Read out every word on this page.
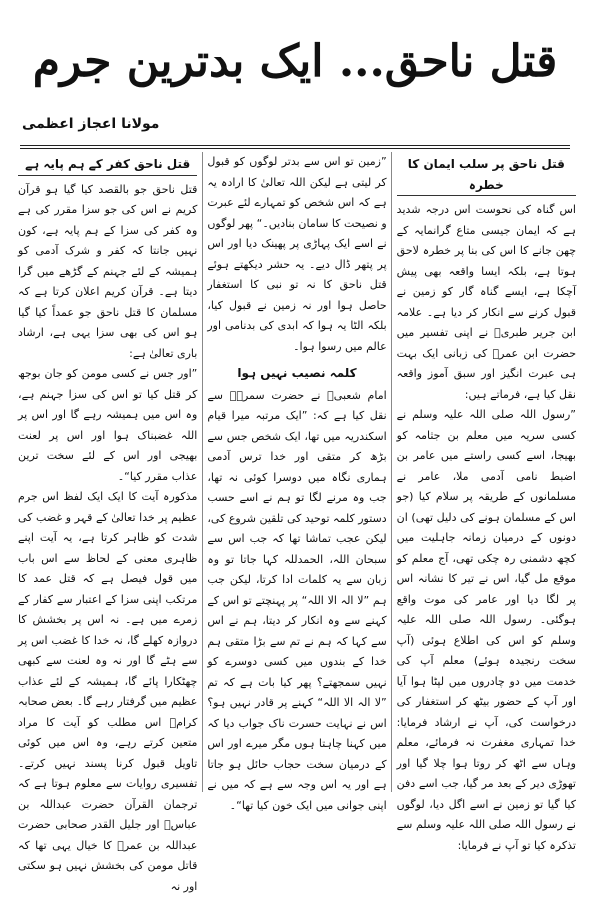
قتل ناحق... ایک بدترین جرم
مولانا اعجاز اعظمی
قتل ناحق پر سلب ایمان کا خطرہ

اس گناہ کی نحوست اس درجہ شدید ہے کہ ایمان جیسی متاع گرانمایہ کے چھن جانے کا اس کی بنا پر خطرہ لاحق ہوتا ہے، بلکہ ایسا واقعہ بھی پیش آچکا ہے، ایسے گناہ گار کو زمین نے قبول کرنے سے انکار کر دیا ہے۔ علامہ ابن جریر طبریؒ نے اپنی تفسیر میں حضرت ابن عمرؓ کی زبانی ایک بہت ہی عبرت انگیز اور سبق آموز واقعہ نقل کیا ہے، فرماتے ہیں:

”رسول اللہ صلی اللہ علیہ وسلم نے کسی سریہ میں معلم بن جثامہ کو بھیجا، اسے کسی راستے میں عامر بن اضبط نامی آدمی ملا، عامر نے مسلمانوں کے طریقہ پر سلام کیا (جو اس کے مسلمان ہونے کی دلیل تھی) ان دونوں کے درمیان زمانہ جاہلیت میں کچھ دشمنی رہ چکی تھی، آج معلم کو موقع مل گیا، اس نے تیر کا نشانہ اس پر لگا دیا اور عامر کی موت واقع ہوگئی۔ رسول اللہ صلی اللہ علیہ وسلم کو اس کی اطلاع ہوئی (آپ سخت رنجیدہ ہوئے) معلم آپ کی خدمت میں دو چادروں میں لپٹا ہوا آیا اور آپ کے حضور بیٹھ کر استغفار کی درخواست کی، آپ نے ارشاد فرمایا: خدا تمہاری مغفرت نہ فرمائے، معلم وہاں سے اٹھ کر روتا ہوا چلا گیا اور تھوڑی دیر کے بعد مر گیا، جب اسے دفن کیا گیا تو زمین نے اسے اگل دیا، لوگوں نے رسول اللہ صلی اللہ علیہ وسلم سے تذکرہ کیا تو آپ نے فرمایا:

”زمین تو اس سے بدتر لوگوں کو قبول کر لیتی ہے لیکن اللہ تعالیٰ کا ارادہ یہ ہے کہ اس شخص کو تمہارے لئے عبرت و نصیحت کا سامان بنادیں۔“ پھر لوگوں نے اسے ایک پہاڑی پر پھینک دیا اور اس پر پتھر ڈال دیے۔ یہ حشر دیکھتے ہوئے قتل ناحق کا نہ تو نبی کا استغفار حاصل ہوا اور نہ زمین نے قبول کیا، بلکہ الٹا یہ ہوا کہ ابدی کی بدنامی اور عالم میں رسوا ہوا۔

کلمہ نصیب نہیں ہوا

امام شعبیؒ نے حضرت سمرہؓ سے نقل کیا ہے کہ: ”ایک مرتبہ میرا قیام اسکندریہ میں تھا، ایک شخص جس سے بڑھ کر متقی اور خدا ترس آدمی ہماری نگاہ میں دوسرا کوئی نہ تھا، جب وہ مرنے لگا تو ہم نے اسے حسب دستور کلمہ توحید کی تلقین شروع کی، لیکن عجب تماشا تھا کہ جب اس سے سبحان اللہ، الحمدللہ کہا جاتا تو وہ زبان سے یہ کلمات ادا کرتا، لیکن جب ہم ”لا الہ الا اللہ“ پر پہنچتے تو اس کے کہنے سے وہ انکار کر دیتا، ہم نے اس سے کہا کہ ہم نے تم سے بڑا متقی ہم خدا کے بندوں میں کسی دوسرے کو نہیں سمجھتے؟ پھر کیا بات ہے کہ تم ”لا الہ الا اللہ“ کہنے پر قادر نہیں ہو؟ اس نے نہایت حسرت ناک جواب دیا کہ میں کہنا چاہتا ہوں مگر میرے اور اس کے درمیان سخت حجاب حائل ہو جاتا ہے اور یہ اس وجہ سے ہے کہ میں نے اپنی جوانی میں ایک خون کیا تھا“۔

قتل ناحق کفر کے ہم پایہ ہے

قتل ناحق جو بالقصد کیا گیا ہو قرآن کریم نے اس کی جو سزا مقرر کی ہے وہ کفر کی سزا کے ہم پایہ ہے، کون نہیں جانتا کہ کفر و شرک آدمی کو ہمیشہ کے لئے جہنم کے گڑھے میں گرا دیتا ہے۔ قرآن کریم اعلان کرتا ہے کہ مسلمان کا قتل ناحق جو عمداً کیا گیا ہو اس کی بھی سزا یہی ہے، ارشاد باری تعالیٰ ہے:

”اور جس نے کسی مومن کو جان بوجھ کر قتل کیا تو اس کی سزا جہنم ہے، وہ اس میں ہمیشہ رہے گا اور اس پر اللہ غضبناک ہوا اور اس پر لعنت بھیجی اور اس کے لئے سخت ترین عذاب مقرر کیا“۔

مذکورہ آیت کا ایک ایک لفظ اس جرم عظیم پر خدا تعالیٰ کے قہر و غضب کی شدت کو ظاہر کرتا ہے، یہ آیت اپنے ظاہری معنی کے لحاظ سے اس باب میں قول فیصل ہے کہ قتل عمد کا مرتکب اپنی سزا کے اعتبار سے کفار کے زمرے میں ہے۔ نہ اس پر بخشش کا دروازہ کھلے گا، نہ خدا کا غضب اس پر سے ہٹے گا اور نہ وہ لعنت سے کبھی چھٹکارا پائے گا، ہمیشہ کے لئے عذاب عظیم میں گرفتار رہے گا۔ بعض صحابہ کرامؓ اس مطلب کو آیت کا مراد متعین کرتے رہے، وہ اس میں کوئی تاویل قبول کرنا پسند نہیں کرتے۔ تفسیری روایات سے معلوم ہوتا ہے کہ ترجمان القرآن حضرت عبداللہ بن عباسؓ اور جلیل القدر صحابی حضرت عبداللہ بن عمرؓ کا خیال یہی تھا کہ قاتل مومن کی بخشش نہیں ہو سکتی اور نہ
